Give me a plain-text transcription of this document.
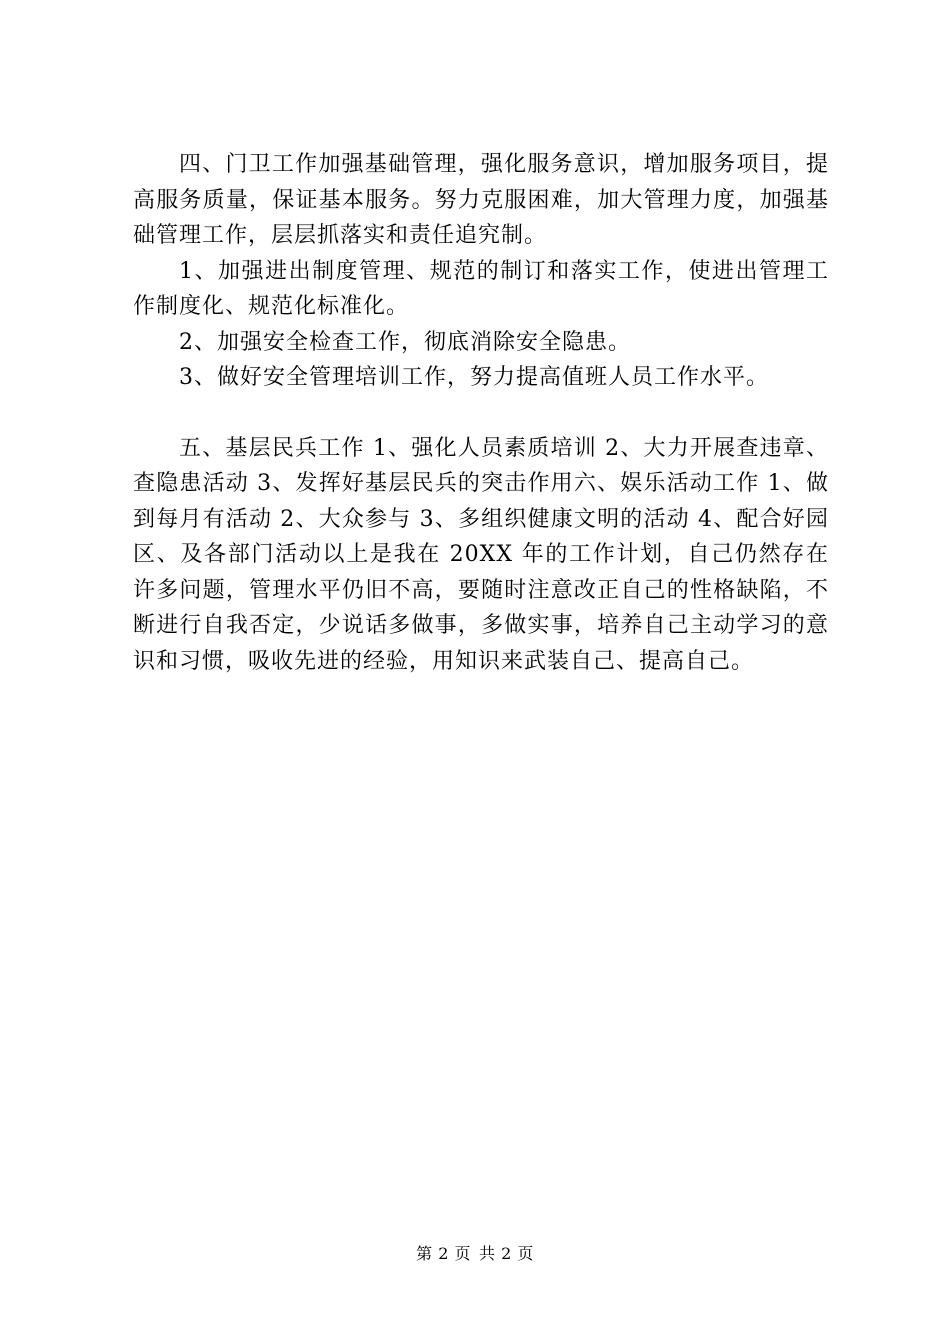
四、门卫工作加强基础管理，强化服务意识，增加服务项目，提高服务质量，保证基本服务。努力克服困难，加大管理力度，加强基础管理工作，层层抓落实和责任追究制。

1、加强进出制度管理、规范的制订和落实工作，使进出管理工作制度化、规范化标准化。

2、加强安全检查工作，彻底消除安全隐患。

3、做好安全管理培训工作，努力提高值班人员工作水平。

五、基层民兵工作 1、强化人员素质培训 2、大力开展查违章、查隐患活动 3、发挥好基层民兵的突击作用六、娱乐活动工作 1、做到每月有活动 2、大众参与 3、多组织健康文明的活动 4、配合好园区、及各部门活动以上是我在 20XX 年的工作计划，自己仍然存在许多问题，管理水平仍旧不高，要随时注意改正自己的性格缺陷，不断进行自我否定，少说话多做事，多做实事，培养自己主动学习的意识和习惯，吸收先进的经验，用知识来武装自己、提高自己。

第 2 页 共 2 页
